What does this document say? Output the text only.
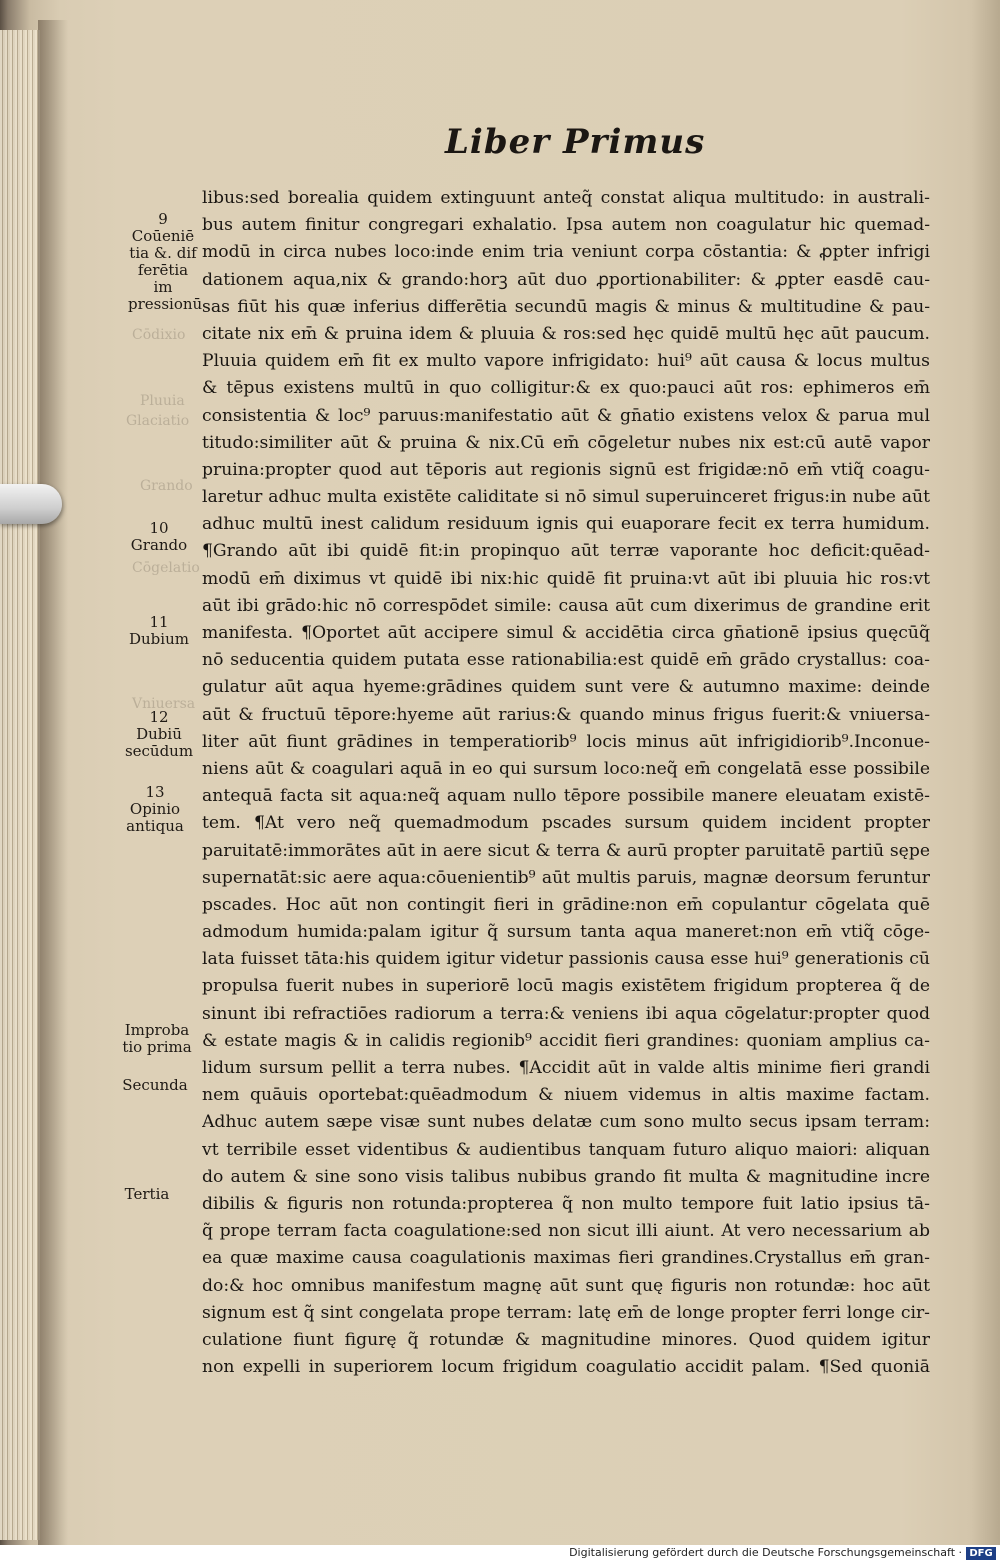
Liber Primus
Cōdixio
Pluuia
Glaciatio
Grando
Cōgelatio
Vniuersa
9
Coūeniē
tia &. dif
ferētia im
pressionū
10
Grando
11
Dubium
12
Dubiū
secūdum
13
Opinio
antiqua
Improba
tio prima
Secunda
Tertia
libus:sed borealia quidem extinguunt anteq̃ constat aliqua multitudo: in australi-
bus autem finitur congregari exhalatio. Ipsa autem non coagulatur hic quemad-
modū in circa nubes loco:inde enim tria veniunt corpa cōstantia: & ꝓpter infrigi
dationem aqua,nix & grando:horꝫ aūt duo ꝓportionabiliter: & ꝓpter easdē cau-
sas fiūt his quæ inferius differētia secundū magis & minus & multitudine & pau-
citate nix em̄ & pruina idem & pluuia & ros:sed hęc quidē multū hęc aūt paucum.
Pluuia quidem em̄ fit ex multo vapore infrigidato: hui⁹ aūt causa & locus multus
& tēpus existens multū in quo colligitur:& ex quo:pauci aūt ros: ephimeros em̄
consistentia & loc⁹ paruus:manifestatio aūt & gn̄atio existens velox & parua mul
titudo:similiter aūt & pruina & nix.Cū em̄ cōgeletur nubes nix est:cū autē vapor
pruina:propter quod aut tēporis aut regionis signū est frigidæ:nō em̄ vtiq̃ coagu-
laretur adhuc multa existēte caliditate si nō simul superuinceret frigus:in nube aūt
adhuc multū inest calidum residuum ignis qui euaporare fecit ex terra humidum.
¶Grando aūt ibi quidē fit:in propinquo aūt terræ vaporante hoc deficit:quēad-
modū em̄ diximus vt quidē ibi nix:hic quidē fit pruina:vt aūt ibi pluuia hic ros:vt
aūt ibi grādo:hic nō correspōdet simile: causa aūt cum dixerimus de grandine erit
manifesta. ¶Oportet aūt accipere simul & accidētia circa gn̄ationē ipsius quęcūq̃
nō seducentia quidem putata esse rationabilia:est quidē em̄ grādo crystallus: coa-
gulatur aūt aqua hyeme:grādines quidem sunt vere & autumno maxime: deinde
aūt & fructuū tēpore:hyeme aūt rarius:& quando minus frigus fuerit:& vniuersa-
liter aūt fiunt grādines in temperatiorib⁹ locis minus aūt infrigidiorib⁹.Inconue-
niens aūt & coagulari aquā in eo qui sursum loco:neq̃ em̄ congelatā esse possibile
antequā facta sit aqua:neq̃ aquam nullo tēpore possibile manere eleuatam existē-
tem. ¶At vero neq̃ quemadmodum pscades sursum quidem incident propter
paruitatē:immorātes aūt in aere sicut & terra & aurū propter paruitatē partiū sępe
supernatāt:sic aere aqua:cōuenientib⁹ aūt multis paruis, magnæ deorsum feruntur
pscades. Hoc aūt non contingit fieri in grādine:non em̄ copulantur cōgelata quē
admodum humida:palam igitur q̃ sursum tanta aqua maneret:non em̄ vtiq̃ cōge-
lata fuisset tāta:his quidem igitur videtur passionis causa esse hui⁹ generationis cū
propulsa fuerit nubes in superiorē locū magis existētem frigidum propterea q̃ de
sinunt ibi refractiōes radiorum a terra:& veniens ibi aqua cōgelatur:propter quod
& estate magis & in calidis regionib⁹ accidit fieri grandines: quoniam amplius ca-
lidum sursum pellit a terra nubes. ¶Accidit aūt in valde altis minime fieri grandi
nem quāuis oportebat:quēadmodum & niuem videmus in altis maxime factam.
Adhuc autem sæpe visæ sunt nubes delatæ cum sono multo secus ipsam terram:
vt terribile esset videntibus & audientibus tanquam futuro aliquo maiori: aliquan
do autem & sine sono visis talibus nubibus grando fit multa & magnitudine incre
dibilis & figuris non rotunda:propterea q̃ non multo tempore fuit latio ipsius tā-
q̃ prope terram facta coagulatione:sed non sicut illi aiunt. At vero necessarium ab
ea quæ maxime causa coagulationis maximas fieri grandines.Crystallus em̄ gran-
do:& hoc omnibus manifestum magnę aūt sunt quę figuris non rotundæ: hoc aūt
signum est q̃ sint congelata prope terram: latę em̄ de longe propter ferri longe cir-
culatione fiunt figurę q̃ rotundæ & magnitudine minores. Quod quidem igitur
non expelli in superiorem locum frigidum coagulatio accidit palam. ¶Sed quoniā
Digitalisierung gefördert durch die Deutsche Forschungsgemeinschaft · DFG
